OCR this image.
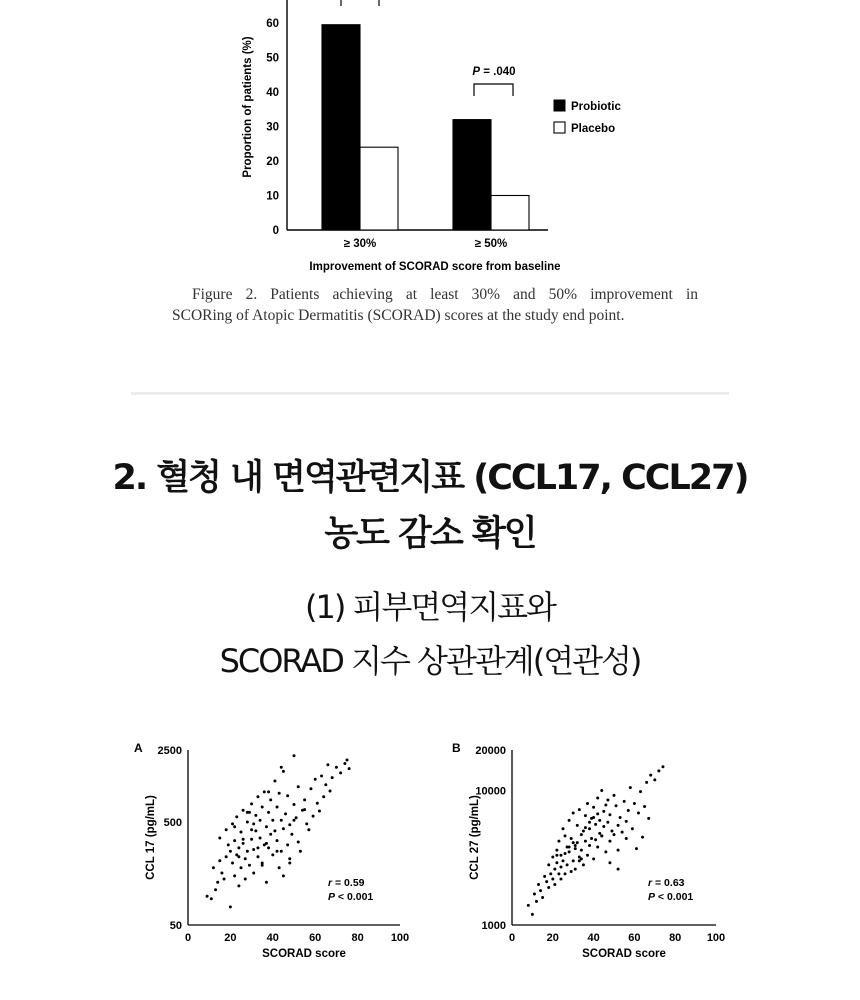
0
10
20
30
40
50
60
≥ 30%	≥ 50%
P = .040
Probiotic
Placebo
Proportion of patients (%)
Improvement of SCORAD score from baseline
Figure 2. Patients achieving at least 30% and 50% improvement in
SCORing of Atopic Dermatitis (SCORAD) scores at the study end point.
2. 혈청 내 면역관련지표 (CCL17, CCL27)
농도 감소 확인
(1) 피부면역지표와
SCORAD 지수 상관관계(연관성)
50
500
2500
0	20	40	60	80 100
SCORAD score
CCL 17 (pg/mL)
A
r = 0.59
P < 0.001
1000
10000
20000
0	20	40	60	80 100
SCORAD score
CCL 27 (pg/mL)
B
r = 0.63
P < 0.001
